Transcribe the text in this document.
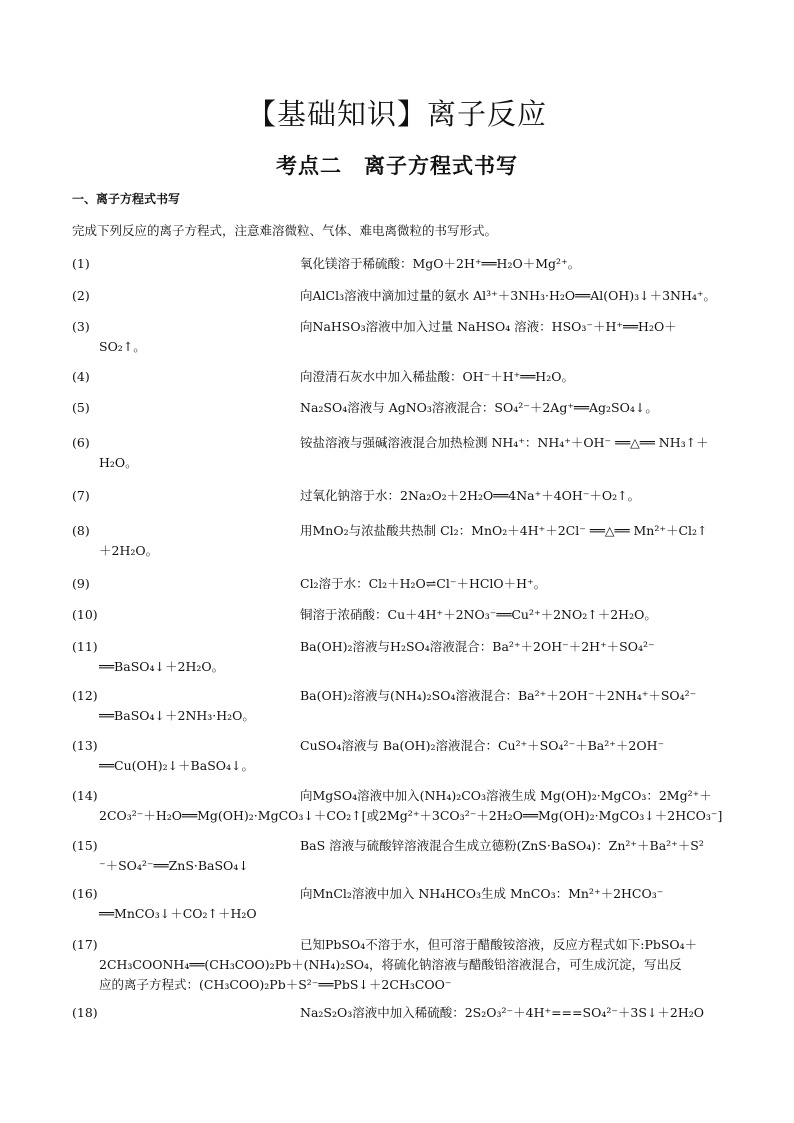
【基础知识】离子反应
考点二　离子方程式书写
一、离子方程式书写
完成下列反应的离子方程式，注意难溶微粒、气体、难电离微粒的书写形式。
(1)	氧化镁溶于稀硫酸：MgO＋2H⁺══H₂O＋Mg²⁺。
(2)	向AlCl₃溶液中滴加过量的氨水 Al³⁺＋3NH₃·H₂O══Al(OH)₃↓＋3NH₄⁺。
(3)	向NaHSO₃溶液中加入过量 NaHSO₄ 溶液：HSO₃⁻＋H⁺══H₂O＋
SO₂↑。
(4)	向澄清石灰水中加入稀盐酸：OH⁻＋H⁺══H₂O。
(5)	Na₂SO₄溶液与 AgNO₃溶液混合：SO₄²⁻＋2Ag⁺══Ag₂SO₄↓。
(6)	铵盐溶液与强碱溶液混合加热检测 NH₄⁺：NH₄⁺＋OH⁻ ══△══ NH₃↑＋
H₂O。
(7)	过氧化钠溶于水：2Na₂O₂＋2H₂O══4Na⁺＋4OH⁻＋O₂↑。
(8)	用MnO₂与浓盐酸共热制 Cl₂：MnO₂＋4H⁺＋2Cl⁻ ══△══ Mn²⁺＋Cl₂↑
＋2H₂O。
(9)	Cl₂溶于水：Cl₂＋H₂O⇌Cl⁻＋HClO＋H⁺。
(10)	铜溶于浓硝酸：Cu＋4H⁺＋2NO₃⁻══Cu²⁺＋2NO₂↑＋2H₂O。
(11)	Ba(OH)₂溶液与H₂SO₄溶液混合：Ba²⁺＋2OH⁻＋2H⁺＋SO₄²⁻
══BaSO₄↓＋2H₂O。
(12)	Ba(OH)₂溶液与(NH₄)₂SO₄溶液混合：Ba²⁺＋2OH⁻＋2NH₄⁺＋SO₄²⁻
══BaSO₄↓＋2NH₃·H₂O。
(13)	CuSO₄溶液与 Ba(OH)₂溶液混合：Cu²⁺＋SO₄²⁻＋Ba²⁺＋2OH⁻
══Cu(OH)₂↓＋BaSO₄↓。
(14)	向MgSO₄溶液中加入(NH₄)₂CO₃溶液生成 Mg(OH)₂·MgCO₃：2Mg²⁺＋
2CO₃²⁻＋H₂O══Mg(OH)₂·MgCO₃↓＋CO₂↑[或2Mg²⁺＋3CO₃²⁻＋2H₂O══Mg(OH)₂·MgCO₃↓＋2HCO₃⁻]
(15)	BaS 溶液与硫酸锌溶液混合生成立德粉(ZnS·BaSO₄)：Zn²⁺＋Ba²⁺＋S²
⁻＋SO₄²⁻══ZnS·BaSO₄↓
(16)	向MnCl₂溶液中加入 NH₄HCO₃生成 MnCO₃：Mn²⁺＋2HCO₃⁻
══MnCO₃↓＋CO₂↑＋H₂O
(17)	已知PbSO₄不溶于水，但可溶于醋酸铵溶液，反应方程式如下:PbSO₄＋
2CH₃COONH₄══(CH₃COO)₂Pb＋(NH₄)₂SO₄，将硫化钠溶液与醋酸铅溶液混合，可生成沉淀，写出反
应的离子方程式：(CH₃COO)₂Pb＋S²⁻══PbS↓＋2CH₃COO⁻
(18)	Na₂S₂O₃溶液中加入稀硫酸：2S₂O₃²⁻＋4H⁺===SO₄²⁻＋3S↓＋2H₂O
